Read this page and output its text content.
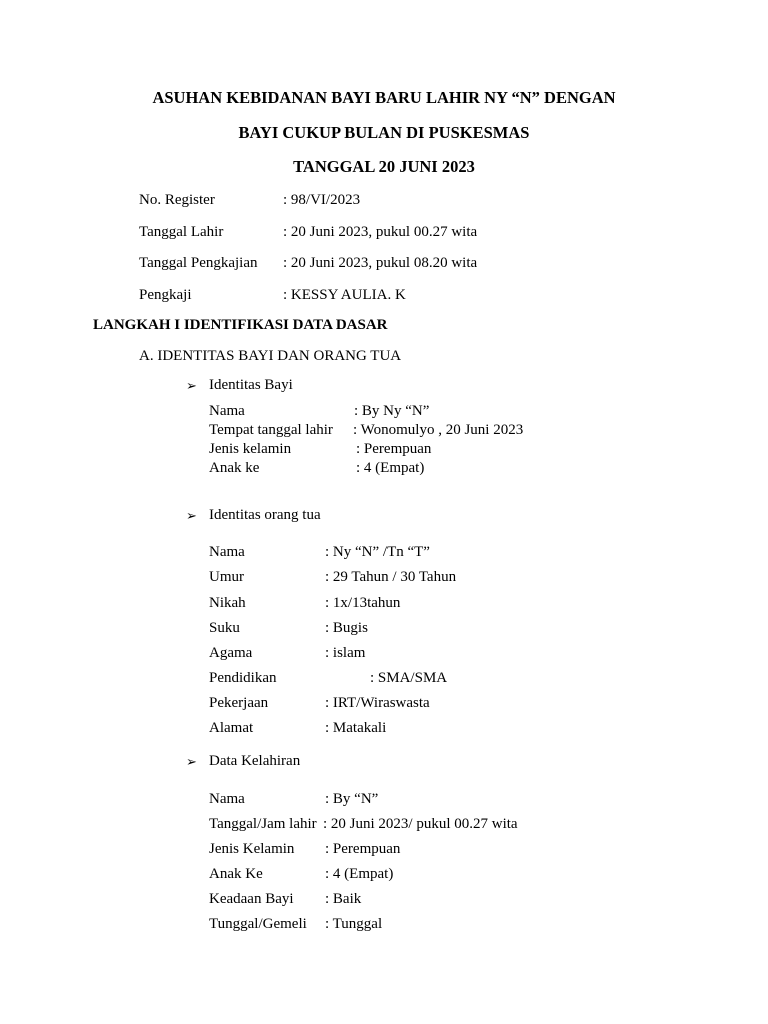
ASUHAN KEBIDANAN BAYI BARU LAHIR NY “N” DENGAN
BAYI CUKUP BULAN DI PUSKESMAS
TANGGAL 20 JUNI 2023
No. Register	: 98/VI/2023
Tanggal Lahir	: 20 Juni 2023, pukul 00.27 wita
Tanggal Pengkajian : 20 Juni 2023, pukul 08.20 wita
Pengkaji	: KESSY AULIA. K
LANGKAH I IDENTIFIKASI DATA DASAR
A. IDENTITAS BAYI DAN ORANG TUA
➢ Identitas Bayi
Nama	: By Ny “N”
Tempat tanggal lahir : Wonomulyo , 20 Juni 2023
Jenis kelamin	: Perempuan
Anak ke	: 4 (Empat)
➢ Identitas orang tua
Nama	: Ny “N” /Tn “T”
Umur	: 29 Tahun / 30 Tahun
Nikah	: 1x/13tahun
Suku	: Bugis
Agama	: islam
Pendidikan	: SMA/SMA
Pekerjaan	: IRT/Wiraswasta
Alamat	: Matakali
➢ Data Kelahiran
Nama	: By “N”
Tanggal/Jam lahir : 20 Juni 2023/ pukul 00.27 wita
Jenis Kelamin : Perempuan
Anak Ke	: 4 (Empat)
Keadaan Bayi : Baik
Tunggal/Gemeli : Tunggal
